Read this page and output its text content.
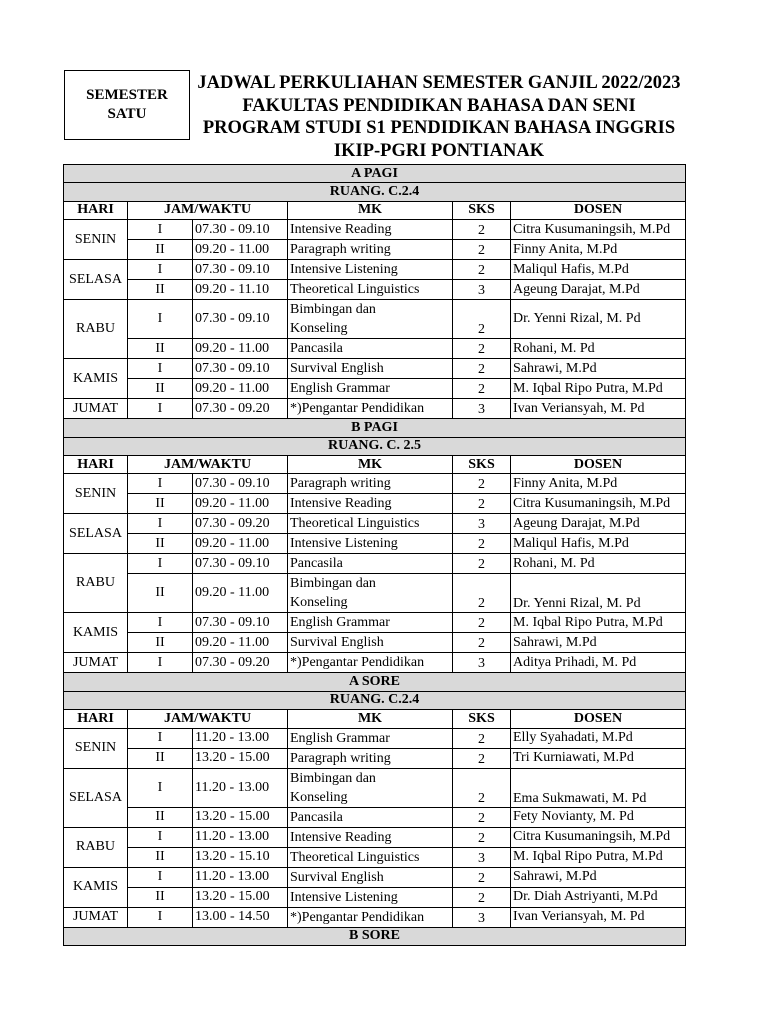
SEMESTER
SATU
JADWAL PERKULIAHAN SEMESTER GANJIL 2022/2023
FAKULTAS PENDIDIKAN BAHASA DAN SENI
PROGRAM STUDI S1 PENDIDIKAN BAHASA INGGRIS
IKIP-PGRI PONTIANAK
A PAGI					
RUANG. C.2.4					
HARI	JAM/WAKTU		MK	SKS	DOSEN
SENIN	I	07.30 - 09.10	Intensive Reading	2	Citra Kusumaningsih, M.Pd
	II	09.20 - 11.00	Paragraph writing	2	Finny Anita, M.Pd
SELASA	I	07.30 - 09.10	Intensive Listening	2	Maliqul Hafis, M.Pd
	II	09.20 - 11.10	Theoretical Linguistics	3	Ageung Darajat, M.Pd
RABU	I	07.30 - 09.10	Bimbingan dan
Konseling	2	Dr. Yenni Rizal, M. Pd
	II	09.20 - 11.00	Pancasila	2	Rohani, M. Pd
KAMIS	I	07.30 - 09.10	Survival English	2	Sahrawi, M.Pd
	II	09.20 - 11.00	English Grammar	2	M. Iqbal Ripo Putra, M.Pd
JUMAT	I	07.30 - 09.20	*)Pengantar Pendidikan	3	Ivan Veriansyah, M. Pd
B PAGI					
RUANG. C. 2.5					
HARI	JAM/WAKTU		MK	SKS	DOSEN
SENIN	I	07.30 - 09.10	Paragraph writing	2	Finny Anita, M.Pd
	II	09.20 - 11.00	Intensive Reading	2	Citra Kusumaningsih, M.Pd
SELASA	I	07.30 - 09.20	Theoretical Linguistics	3	Ageung Darajat, M.Pd
	II	09.20 - 11.00	Intensive Listening	2	Maliqul Hafis, M.Pd
RABU	I	07.30 - 09.10	Pancasila	2	Rohani, M. Pd
	II	09.20 - 11.00	Bimbingan dan
Konseling	2	Dr. Yenni Rizal, M. Pd
KAMIS	I	07.30 - 09.10	English Grammar	2	M. Iqbal Ripo Putra, M.Pd
	II	09.20 - 11.00	Survival English	2	Sahrawi, M.Pd
JUMAT	I	07.30 - 09.20	*)Pengantar Pendidikan	3	Aditya Prihadi, M. Pd
A SORE					
RUANG. C.2.4					
HARI	JAM/WAKTU		MK	SKS	DOSEN
SENIN	I	11.20 - 13.00	English Grammar	2	Elly Syahadati, M.Pd
	II	13.20 - 15.00	Paragraph writing	2	Tri Kurniawati, M.Pd
SELASA	I	11.20 - 13.00	Bimbingan dan
Konseling	2	Ema Sukmawati, M. Pd
	II	13.20 - 15.00	Pancasila	2	Fety Novianty, M. Pd
RABU	I	11.20 - 13.00	Intensive Reading	2	Citra Kusumaningsih, M.Pd
	II	13.20 - 15.10	Theoretical Linguistics	3	M. Iqbal Ripo Putra, M.Pd
KAMIS	I	11.20 - 13.00	Survival English	2	Sahrawi, M.Pd
	II	13.20 - 15.00	Intensive Listening	2	Dr. Diah Astriyanti, M.Pd
JUMAT	I	13.00 - 14.50	*)Pengantar Pendidikan	3	Ivan Veriansyah, M. Pd
B SORE					
